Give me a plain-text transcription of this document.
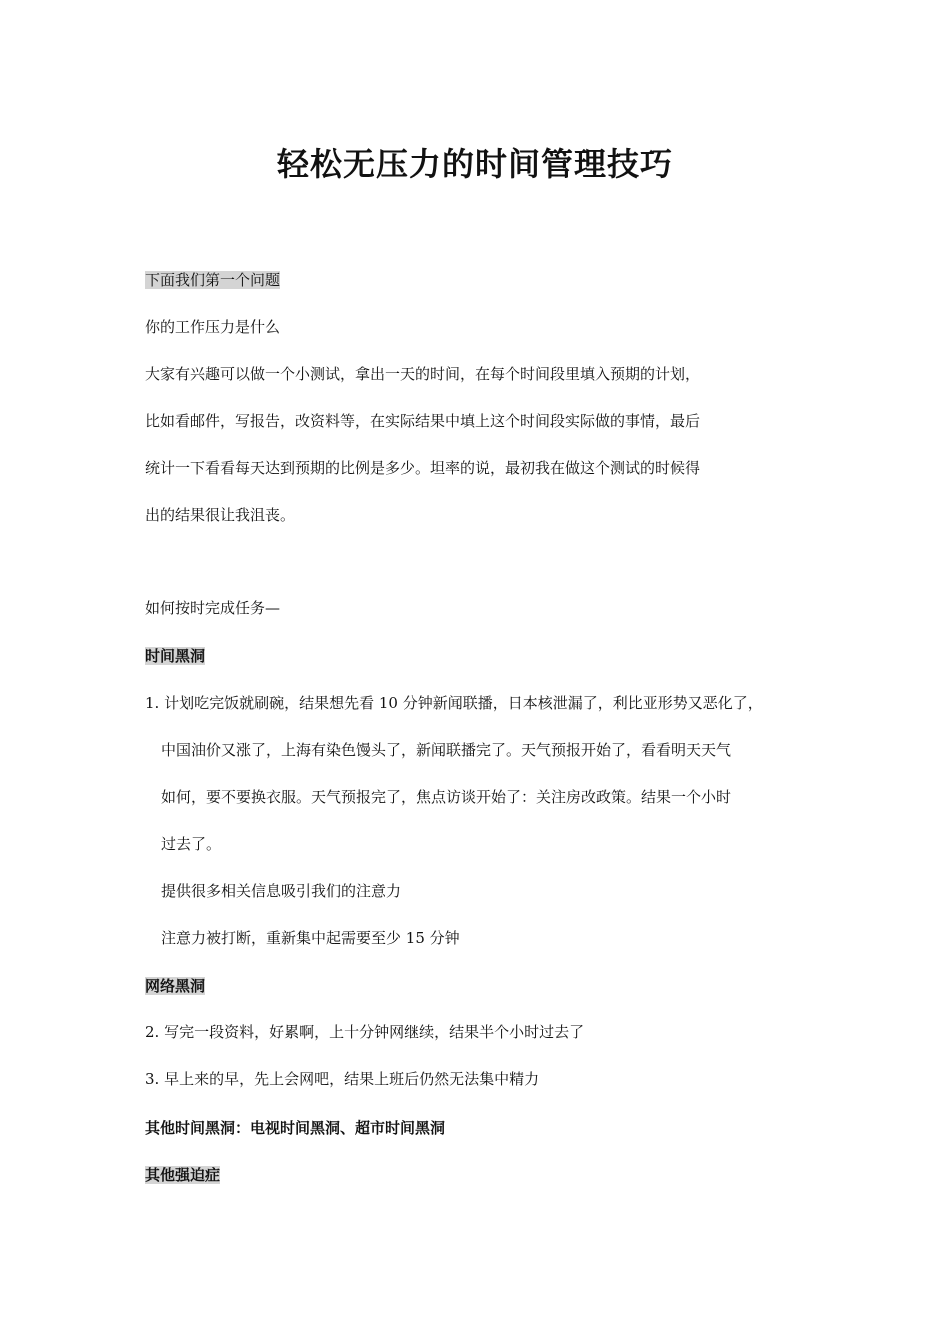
轻松无压力的时间管理技巧
下面我们第一个问题
你的工作压力是什么
大家有兴趣可以做一个小测试，拿出一天的时间，在每个时间段里填入预期的计划，
比如看邮件，写报告，改资料等，在实际结果中填上这个时间段实际做的事情，最后
统计一下看看每天达到预期的比例是多少。坦率的说，最初我在做这个测试的时候得
出的结果很让我沮丧。
如何按时完成任务—
时间黑洞
1. 计划吃完饭就刷碗，结果想先看 10 分钟新闻联播，日本核泄漏了，利比亚形势又恶化了，
中国油价又涨了，上海有染色馒头了，新闻联播完了。天气预报开始了，看看明天天气
如何，要不要换衣服。天气预报完了，焦点访谈开始了：关注房改政策。结果一个小时
过去了。
提供很多相关信息吸引我们的注意力
注意力被打断，重新集中起需要至少 15 分钟
网络黑洞
2. 写完一段资料，好累啊，上十分钟网继续，结果半个小时过去了
3. 早上来的早，先上会网吧，结果上班后仍然无法集中精力
其他时间黑洞：电视时间黑洞、超市时间黑洞
其他强迫症
